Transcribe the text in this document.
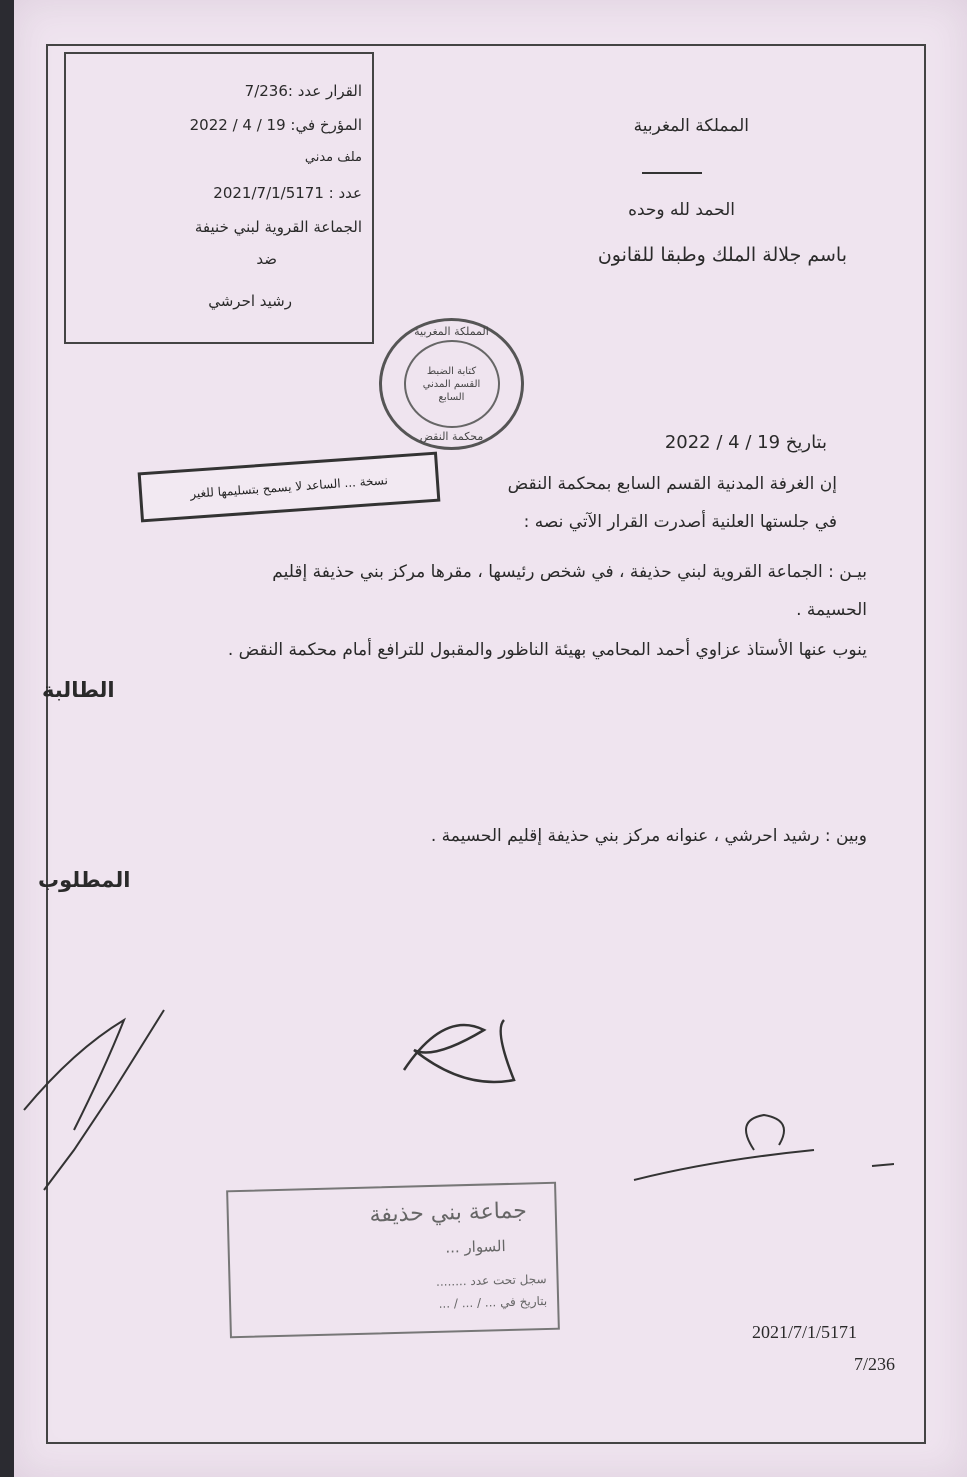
القرار عدد :7/236
المؤرخ في: 19 / 4 / 2022
ملف مدني
عدد : 2021/7/1/5171
الجماعة القروية لبني خنيفة
ضد
رشيد احرشي
المملكة المغربية
الحمد لله وحده
باسم جلالة الملك وطبقا للقانون
المملكة المغربية
كتابة الضبط
القسم المدني
السابع
محكمة النقض
نسخة ... الساعد لا يسمح بتسليمها للغير
بتاريخ 19 / 4 / 2022
إن الغرفة المدنية القسم السابع بمحكمة النقض
في جلستها العلنية أصدرت القرار الآتي نصه :
بيـن : الجماعة القروية لبني حذيفة ، في شخص رئيسها ، مقرها مركز بني حذيفة إقليم
الحسيمة .
ينوب عنها الأستاذ عزاوي أحمد المحامي بهيئة الناظور والمقبول للترافع أمام محكمة النقض .
الطالبة
وبين : رشيد احرشي ، عنوانه مركز بني حذيفة إقليم الحسيمة .
المطلوب
جماعة بني حذيفة
السوار ...
سجل تحت عدد ........
بتاريخ في ... / ... / ...
2021/7/1/5171
7/236
